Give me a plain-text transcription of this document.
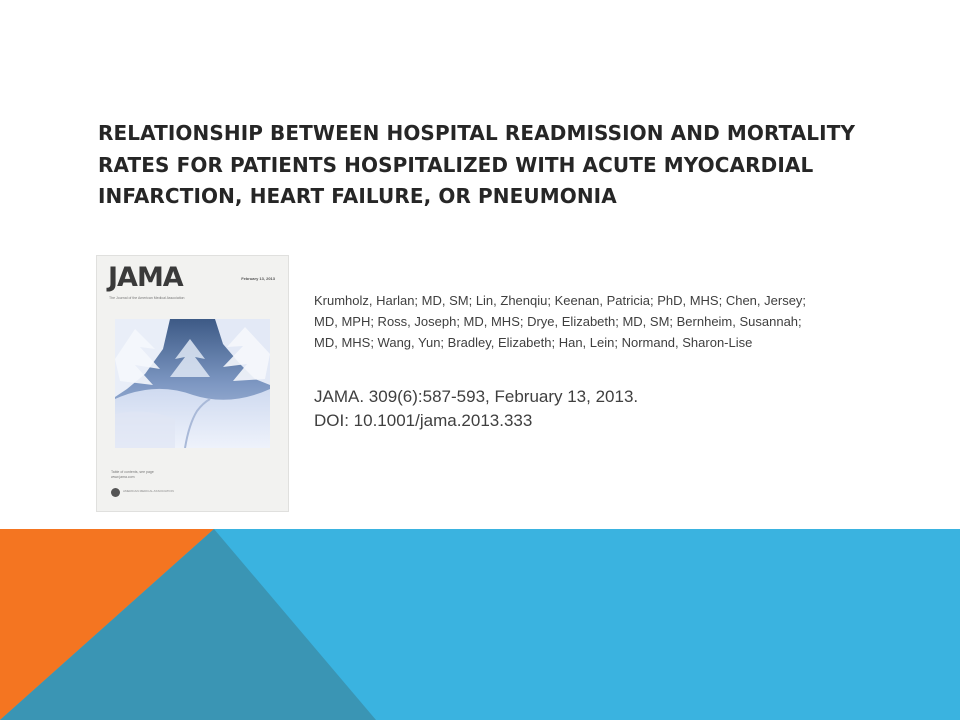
RELATIONSHIP BETWEEN HOSPITAL READMISSION AND MORTALITY RATES FOR PATIENTS HOSPITALIZED WITH ACUTE MYOCARDIAL INFARCTION, HEART FAILURE, OR PNEUMONIA
JAMA
The Journal of the American Medical Association
February 13, 2013
Table of contents, see page
www.jama.com
AMERICAN MEDICAL ASSOCIATION

Krumholz, Harlan; MD, SM; Lin, Zhenqiu; Keenan, Patricia; PhD, MHS; Chen, Jersey; MD, MPH; Ross, Joseph; MD, MHS; Drye, Elizabeth; MD, SM; Bernheim, Susannah; MD, MHS; Wang, Yun; Bradley, Elizabeth; Han, Lein; Normand, Sharon-Lise

JAMA. 309(6):587-593, February 13, 2013.
DOI: 10.1001/jama.2013.333
